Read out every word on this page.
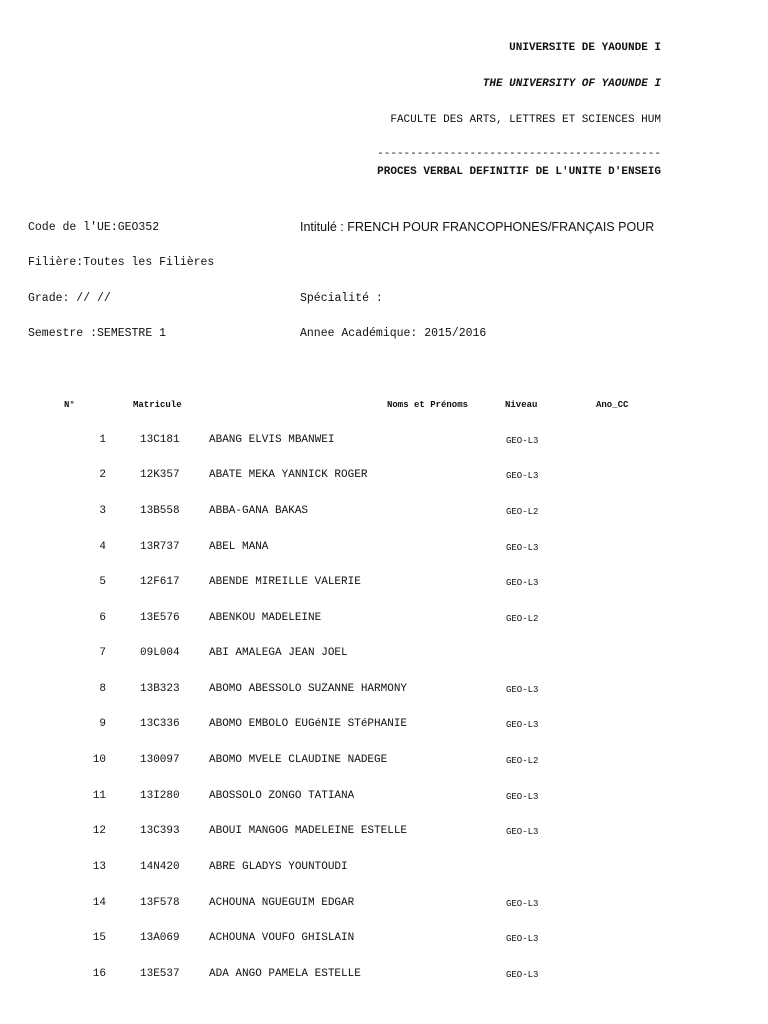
UNIVERSITE DE YAOUNDE I
THE UNIVERSITY OF YAOUNDE I
FACULTE DES ARTS, LETTRES ET SCIENCES HUM
-------------------------------------------
PROCES VERBAL DEFINITIF DE L'UNITE D'ENSEIG
Code de l'UE:GEO352	Intitulé : FRENCH POUR FRANCOPHONES/FRANÇAIS POUR
Filière:Toutes les Filières
Grade: // //	Spécialité :
Semestre :SEMESTRE 1	Annee Académique: 2015/2016
N°	Matricule	Noms et Prénoms	Niveau	Ano_CC
1	13C181	ABANG ELVIS MBANWEI	GEO-L3
2	12K357	ABATE MEKA YANNICK ROGER	GEO-L3
3	13B558	ABBA-GANA BAKAS	GEO-L2
4	13R737	ABEL MANA	GEO-L3
5	12F617	ABENDE MIREILLE VALERIE	GEO-L3
6	13E576	ABENKOU MADELEINE	GEO-L2
7	09L004	ABI AMALEGA JEAN JOEL
8	13B323	ABOMO ABESSOLO SUZANNE HARMONY	GEO-L3
9	13C336	ABOMO EMBOLO EUGéNIE STéPHANIE	GEO-L3
10	130097	ABOMO MVELE CLAUDINE NADEGE	GEO-L2
11	13I280	ABOSSOLO ZONGO TATIANA	GEO-L3
12	13C393	ABOUI MANGOG MADELEINE ESTELLE	GEO-L3
13	14N420	ABRE GLADYS YOUNTOUDI
14	13F578	ACHOUNA NGUEGUIM EDGAR	GEO-L3
15	13A069	ACHOUNA VOUFO GHISLAIN	GEO-L3
16	13E537	ADA ANGO PAMELA ESTELLE	GEO-L3
